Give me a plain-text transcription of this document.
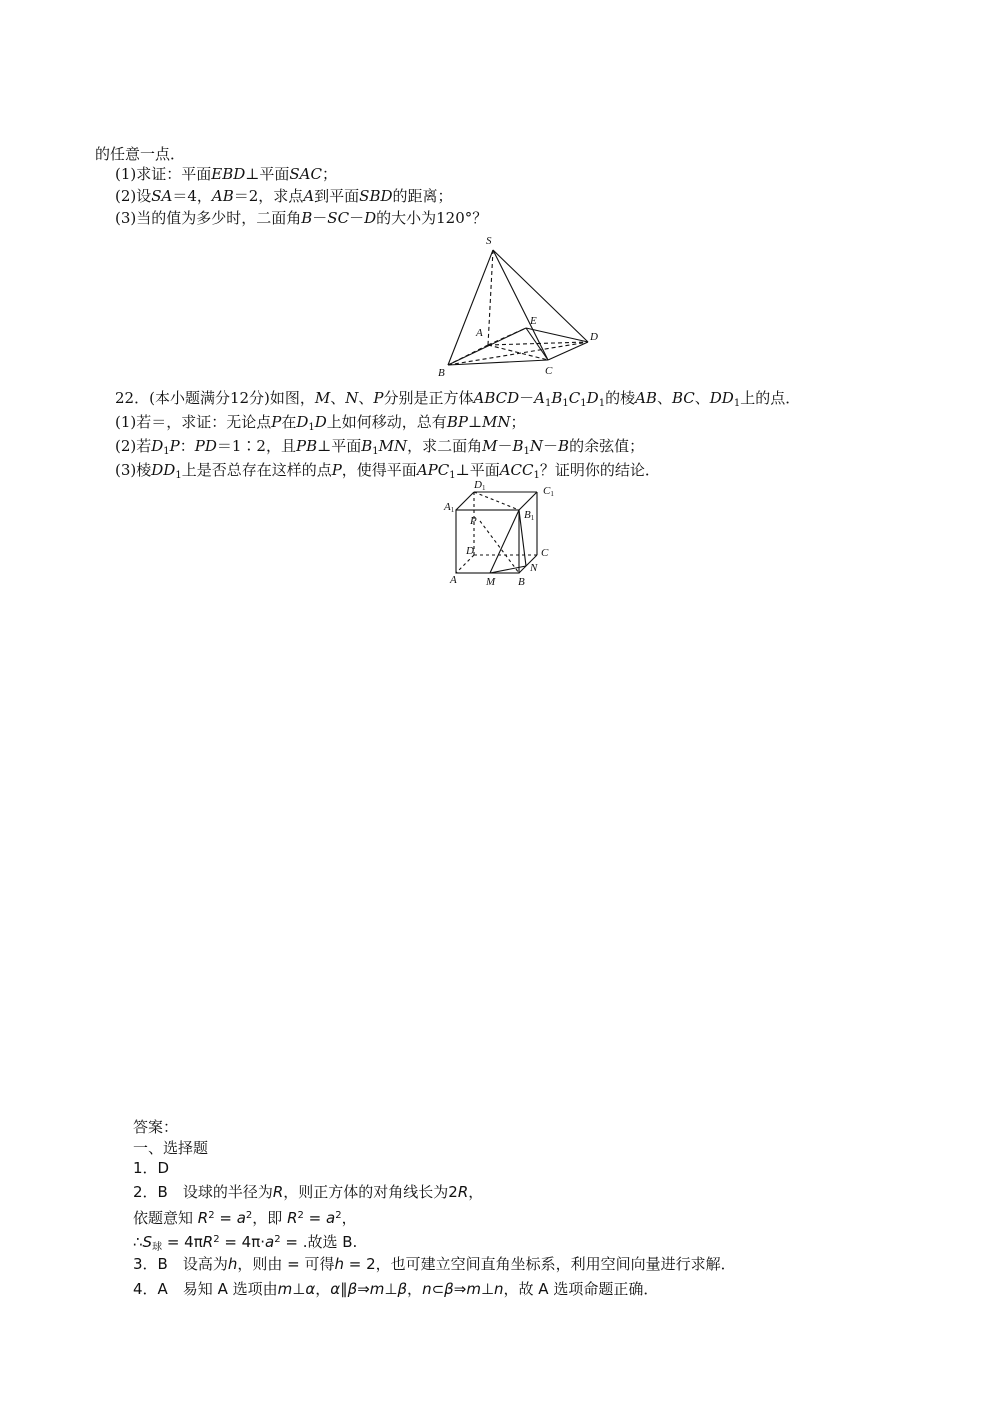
的任意一点．
(1)求证：平面EBD⊥平面SAC；
(2)设SA＝4，AB＝2，求点A到平面SBD的距离；
(3)当的值为多少时，二面角B－SC－D的大小为120°？
S
A
E
D
B	C
22．(本小题满分12分)如图，M、N、P分别是正方体$ABCD-A_1B_1C_1D_1$的棱AB、BC、$DD_1$上的点．
(1)若＝，求证：无论点P在$D_1D$上如何移动，总有BP⊥MN；
(2)若$D_1P$：PD＝1∶2，且PB⊥平面$B_1MN$，求二面角$M-B_1N-B$的余弦值；
(3)棱$DD_1$上是否总存在这样的点P，使得平面$APC_1\perp$平面$ACC_1$？证明你的结论．
D1	C1
A1	B1
P
D	C
A	M B
N
答案：
一、选择题
1．D
2．B　设球的半径为R，则正方体的对角线长为2R，
依题意知 $R^2 = a^2$，即 $R^2 = a^2$，
$\therefore S_球 = 4\pi R^2 = 4\pi\cdot a^2$ = .故选 B.
3．B　设高为h，则由 = 可得h = 2，也可建立空间直角坐标系，利用空间向量进行求解．
4．A　易知 A 选项由m⊥α，α∥β⇒m⊥β，n⊂β⇒m⊥n，故 A 选项命题正确．
